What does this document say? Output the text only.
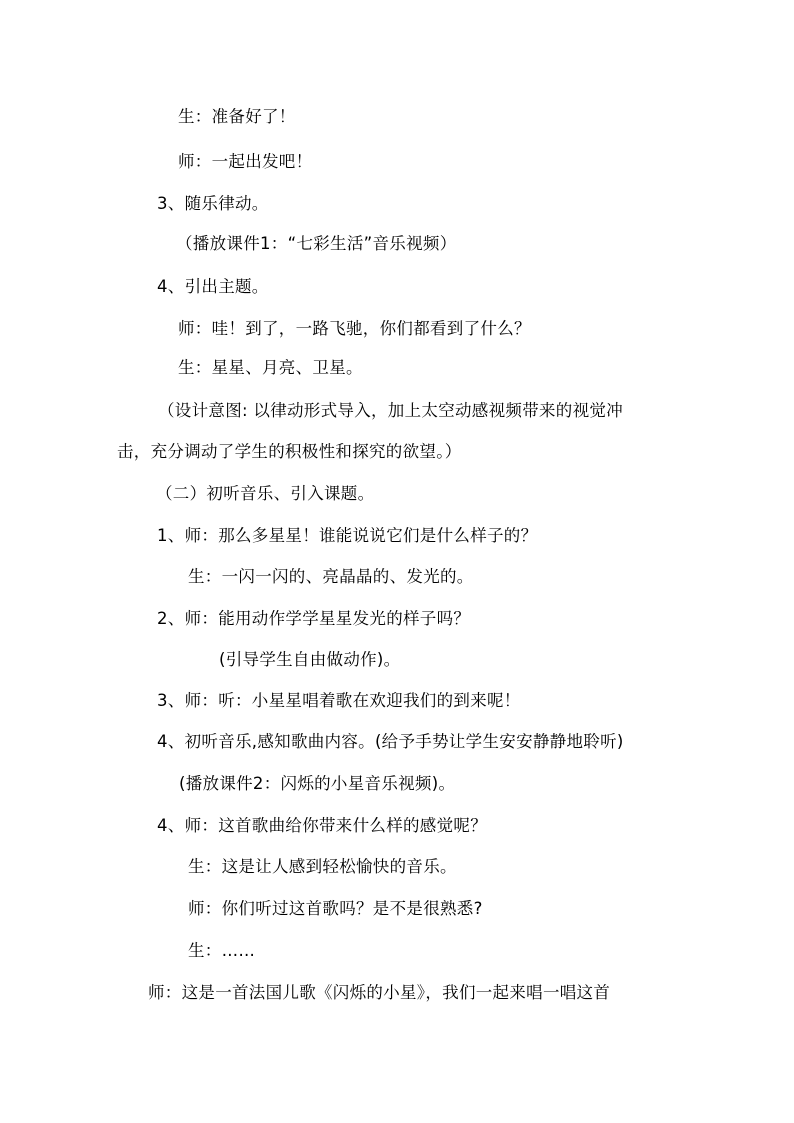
生：准备好了！
师：一起出发吧！
3、随乐律动。
（播放课件1：“七彩生活”音乐视频）
4、引出主题。
师：哇！到了，一路飞驰，你们都看到了什么？
生：星星、月亮、卫星。
（设计意图: 以律动形式导入，加上太空动感视频带来的视觉冲
击，充分调动了学生的积极性和探究的欲望。）
（二）初听音乐、引入课题。
1、师：那么多星星！谁能说说它们是什么样子的？
生：一闪一闪的、亮晶晶的、发光的。
2、师：能用动作学学星星发光的样子吗？
(引导学生自由做动作)。
3、师：听：小星星唱着歌在欢迎我们的到来呢！
4、初听音乐,感知歌曲内容。(给予手势让学生安安静静地聆听)
(播放课件2：闪烁的小星音乐视频)。
4、师：这首歌曲给你带来什么样的感觉呢？
生：这是让人感到轻松愉快的音乐。
师：你们听过这首歌吗？是不是很熟悉?
生：……
师：这是一首法国儿歌《闪烁的小星》，我们一起来唱一唱这首
